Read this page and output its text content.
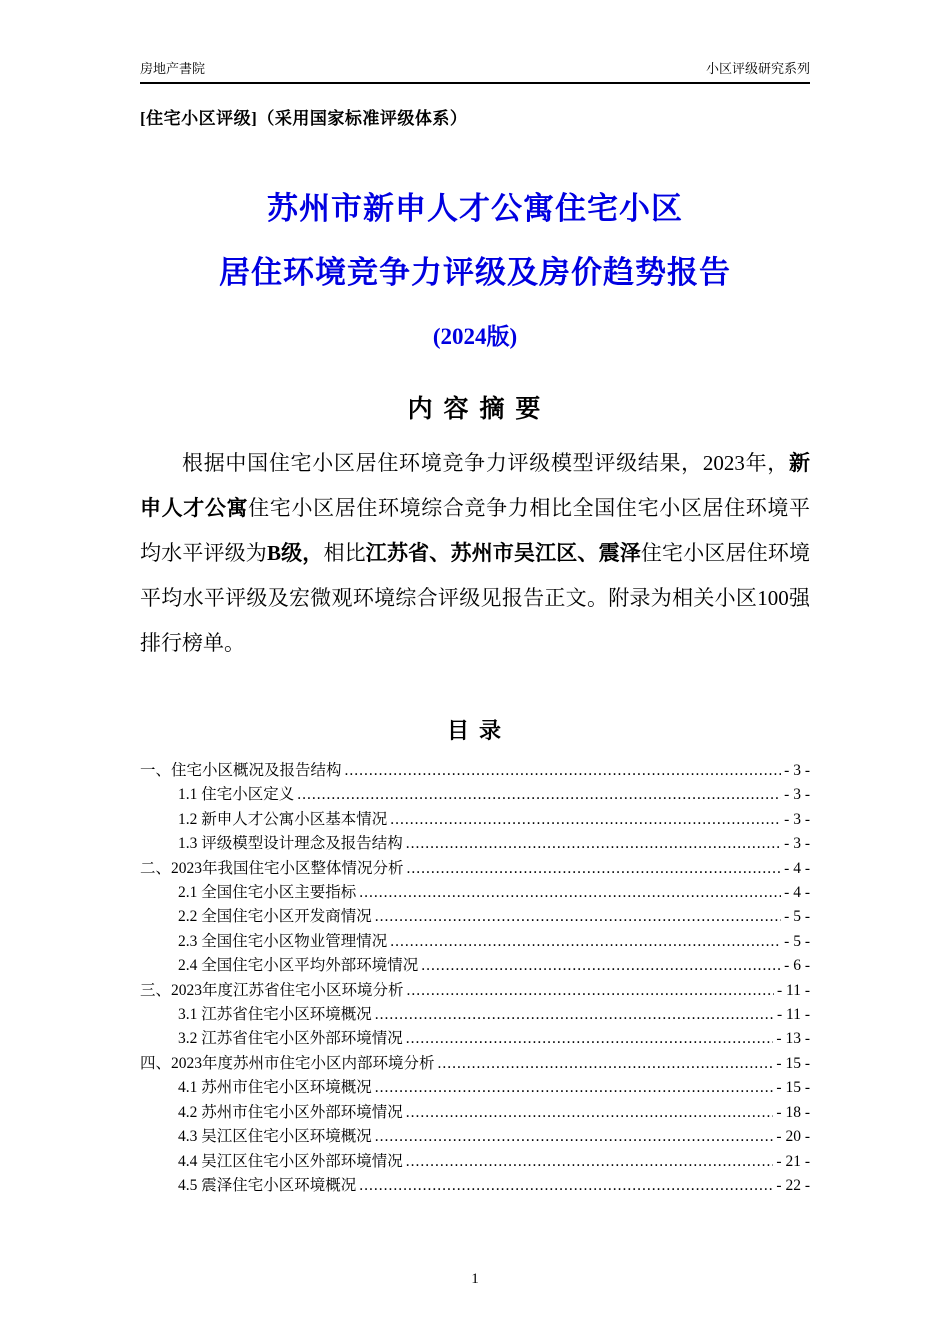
房地产書院	小区评级研究系列
[住宅小区评级]（采用国家标准评级体系）
苏州市新申人才公寓住宅小区
居住环境竞争力评级及房价趋势报告
(2024版)
内 容 摘 要

根据中国住宅小区居住环境竞争力评级模型评级结果，2023年，新申人才公寓住宅小区居住环境综合竞争力相比全国住宅小区居住环境平均水平评级为B级，相比江苏省、苏州市吴江区、震泽住宅小区居住环境平均水平评级及宏微观环境综合评级见报告正文。附录为相关小区100强排行榜单。

目 录
一、住宅小区概况及报告结构 .....	- 3 -
1.1 住宅小区定义 .....	- 3 -
1.2 新申人才公寓小区基本情况 .....	- 3 -
1.3 评级模型设计理念及报告结构 .....	- 3 -
二、2023年我国住宅小区整体情况分析 .....	- 4 -
2.1 全国住宅小区主要指标 .....	- 4 -
2.2 全国住宅小区开发商情况 .....	- 5 -
2.3 全国住宅小区物业管理情况 .....	- 5 -
2.4 全国住宅小区平均外部环境情况 .....	- 6 -
三、2023年度江苏省住宅小区环境分析 .....	- 11 -
3.1 江苏省住宅小区环境概况 .....	- 11 -
3.2 江苏省住宅小区外部环境情况 .....	- 13 -
四、2023年度苏州市住宅小区内部环境分析 .....	- 15 -
4.1 苏州市住宅小区环境概况 .....	- 15 -
4.2 苏州市住宅小区外部环境情况 .....	- 18 -
4.3 吴江区住宅小区环境概况 .....	- 20 -
4.4 吴江区住宅小区外部环境情况 .....	- 21 -
4.5 震泽住宅小区环境概况 .....	- 22 -
1
